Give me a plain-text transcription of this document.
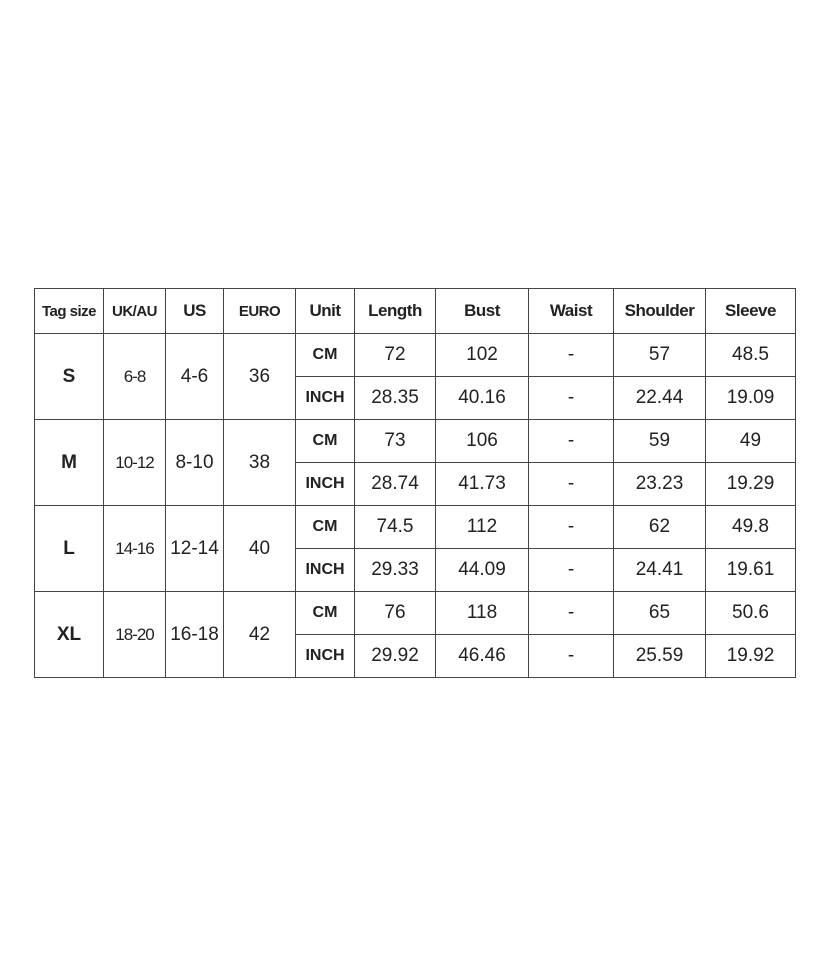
Tag size	UK/AU	US	EURO	Unit	Length	Bust	Waist	Shoulder	Sleeve
S	6-8	4-6	36	CM	72	102	-	57	48.5
				INCH	28.35	40.16	-	22.44	19.09
M	10-12	8-10	38	CM	73	106	-	59	49
				INCH	28.74	41.73	-	23.23	19.29
L	14-16	12-14	40	CM	74.5	112	-	62	49.8
				INCH	29.33	44.09	-	24.41	19.61
XL	18-20	16-18	42	CM	76	118	-	65	50.6
				INCH	29.92	46.46	-	25.59	19.92
